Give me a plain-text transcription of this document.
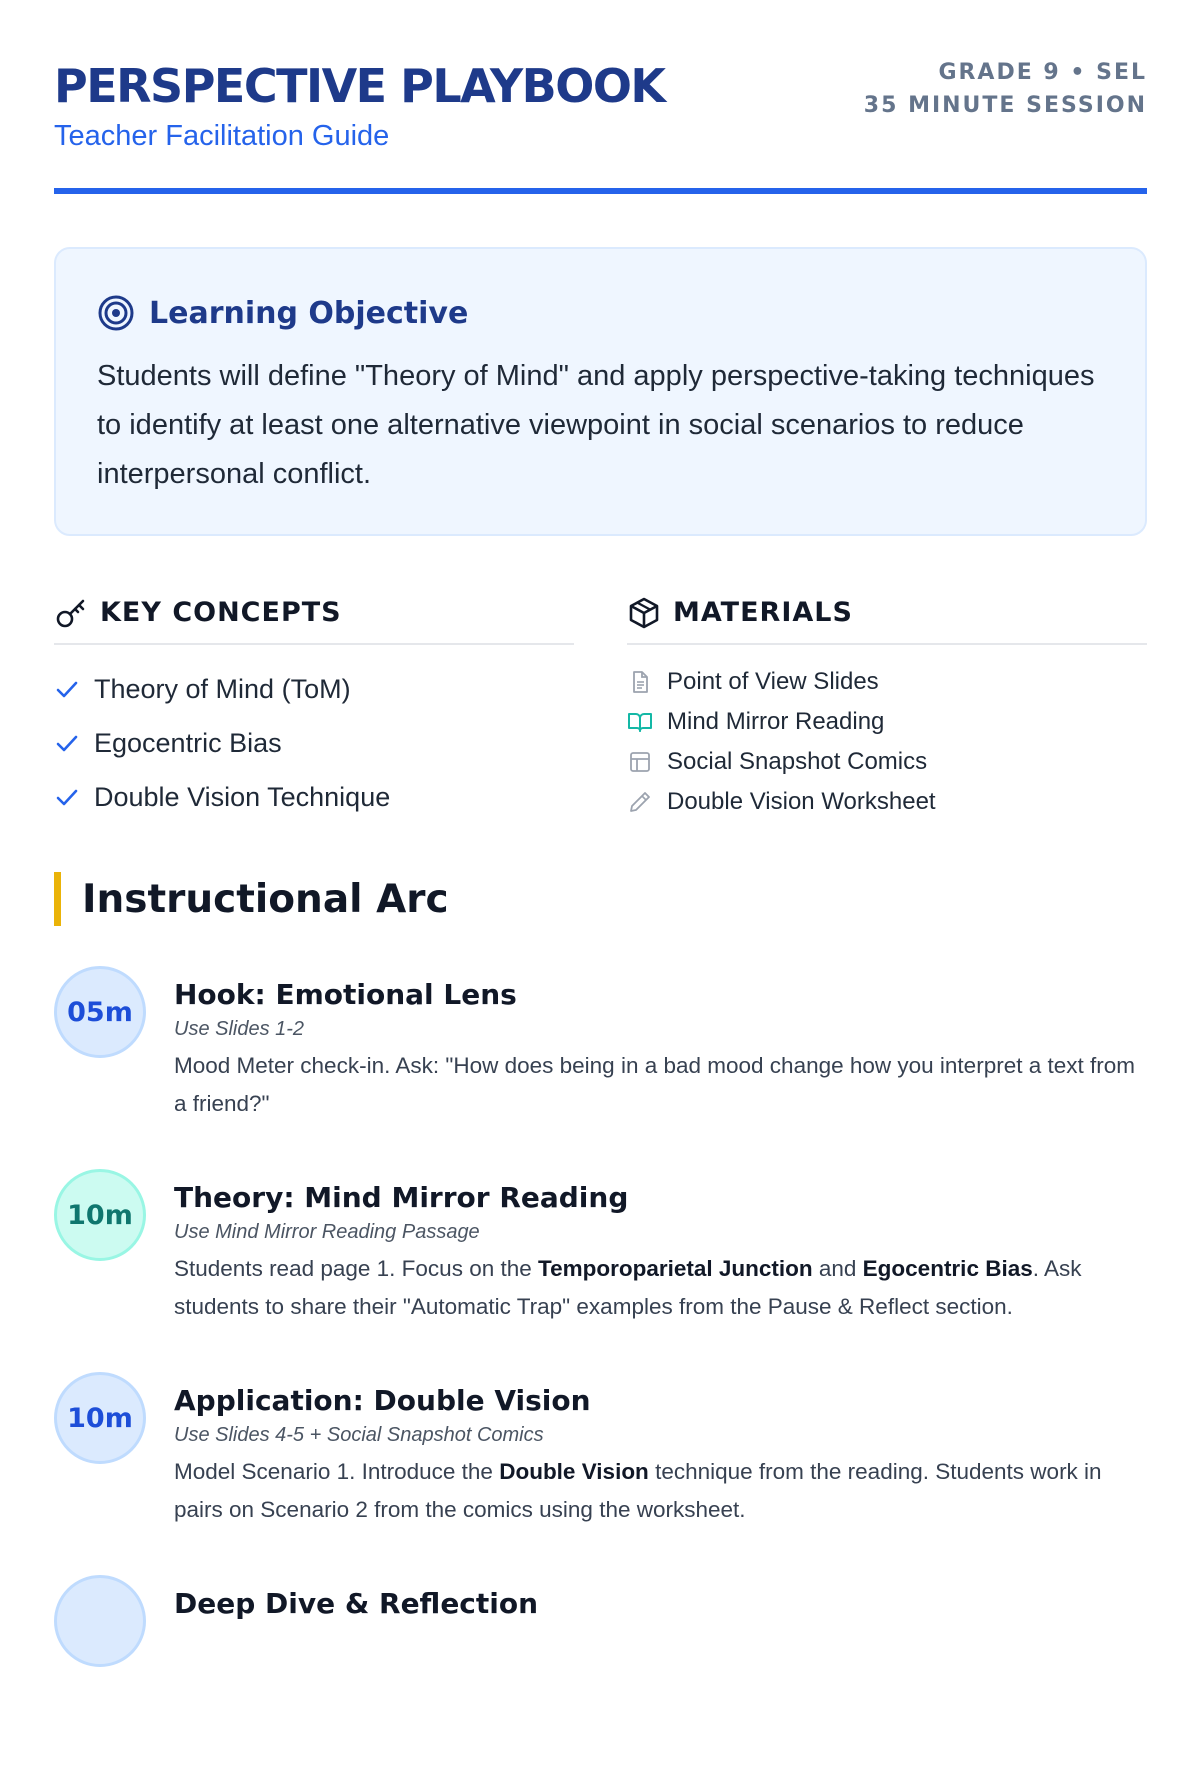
PERSPECTIVE PLAYBOOK
Teacher Facilitation Guide
GRADE 9 • SEL
35 MINUTE SESSION
Learning Objective

Students will define "Theory of Mind" and apply perspective-taking techniques to identify at least one alternative viewpoint in social scenarios to reduce interpersonal conflict.

KEY CONCEPTS
Theory of Mind (ToM)
Egocentric Bias
Double Vision Technique
MATERIALS
Point of View Slides
Mind Mirror Reading
Social Snapshot Comics
Double Vision Worksheet
Instructional Arc
05m
Hook: Emotional Lens
Use Slides 1-2

Mood Meter check-in. Ask: "How does being in a bad mood change how you interpret a text from a friend?"

10m
Theory: Mind Mirror Reading
Use Mind Mirror Reading Passage

Students read page 1. Focus on the Temporoparietal Junction and Egocentric Bias. Ask students to share their "Automatic Trap" examples from the Pause & Reflect section.

10m
Application: Double Vision
Use Slides 4-5 + Social Snapshot Comics

Model Scenario 1. Introduce the Double Vision technique from the reading. Students work in pairs on Scenario 2 from the comics using the worksheet.

Deep Dive & Reflection
